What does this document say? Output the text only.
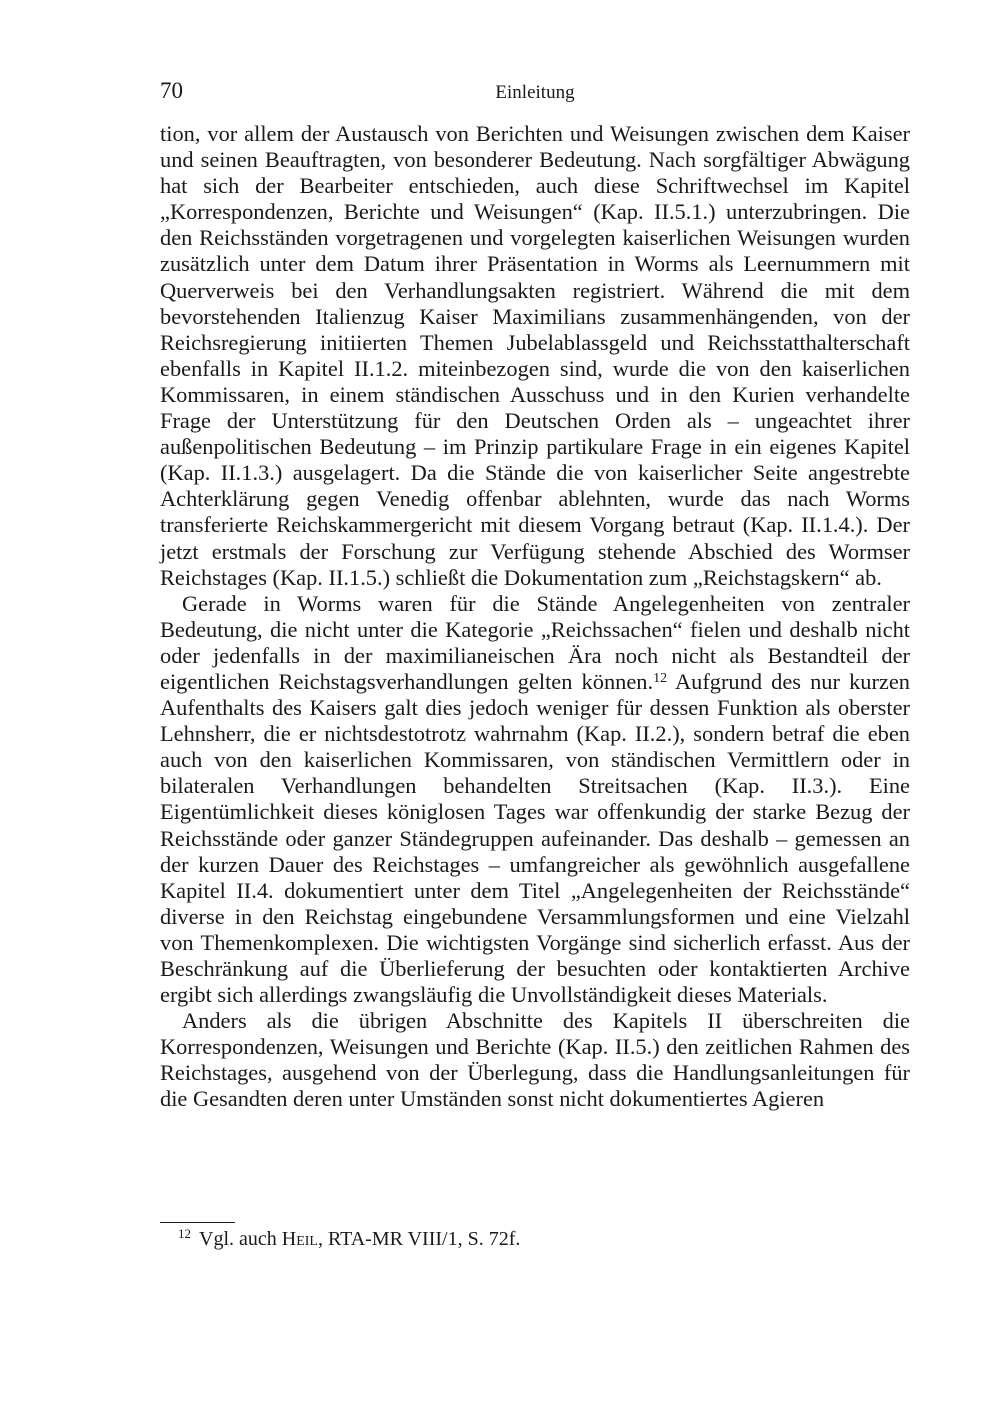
70	Einleitung

tion, vor allem der Austausch von Berichten und Weisungen zwischen dem Kaiser und seinen Beauftragten, von besonderer Bedeutung. Nach sorgfältiger Abwägung hat sich der Bearbeiter entschieden, auch diese Schriftwechsel im Kapitel „Korrespondenzen, Berichte und Weisungen“ (Kap. II.5.1.) unterzubringen. Die den Reichsständen vorgetragenen und vorgelegten kaiserlichen Weisungen wurden zusätzlich unter dem Datum ihrer Präsentation in Worms als Leernummern mit Querverweis bei den Verhandlungsakten registriert. Während die mit dem bevorstehenden Italienzug Kaiser Maximilians zusammenhängenden, von der Reichsregierung initiierten Themen Jubelablassgeld und Reichsstatthalterschaft ebenfalls in Kapitel II.1.2. miteinbezogen sind, wurde die von den kaiserlichen Kommissaren, in einem ständischen Ausschuss und in den Kurien verhandelte Frage der Unterstützung für den Deutschen Orden als – ungeachtet ihrer außenpolitischen Bedeutung – im Prinzip partikulare Frage in ein eigenes Kapitel (Kap. II.1.3.) ausgelagert. Da die Stände die von kaiserlicher Seite angestrebte Achterklärung gegen Venedig offenbar ablehnten, wurde das nach Worms transferierte Reichskammergericht mit diesem Vorgang betraut (Kap. II.1.4.). Der jetzt erstmals der Forschung zur Verfügung stehende Abschied des Wormser Reichstages (Kap. II.1.5.) schließt die Dokumentation zum „Reichstagskern“ ab.

Gerade in Worms waren für die Stände Angelegenheiten von zentraler Bedeutung, die nicht unter die Kategorie „Reichssachen“ fielen und deshalb nicht oder jedenfalls in der maximilianeischen Ära noch nicht als Bestandteil der eigentlichen Reichstagsverhandlungen gelten können.$^{12}$ Aufgrund des nur kurzen Aufenthalts des Kaisers galt dies jedoch weniger für dessen Funktion als oberster Lehnsherr, die er nichtsdestotrotz wahrnahm (Kap. II.2.), sondern betraf die eben auch von den kaiserlichen Kommissaren, von ständischen Vermittlern oder in bilateralen Verhandlungen behandelten Streitsachen (Kap. II.3.). Eine Eigentümlichkeit dieses königlosen Tages war offenkundig der starke Bezug der Reichsstände oder ganzer Ständegruppen aufeinander. Das deshalb – gemessen an der kurzen Dauer des Reichstages – umfangreicher als gewöhnlich ausgefallene Kapitel II.4. dokumentiert unter dem Titel „Angelegenheiten der Reichsstände“ diverse in den Reichstag eingebundene Versammlungsformen und eine Vielzahl von Themenkomplexen. Die wichtigsten Vorgänge sind sicherlich erfasst. Aus der Beschränkung auf die Überlieferung der besuchten oder kontaktierten Archive ergibt sich allerdings zwangsläufig die Unvollständigkeit dieses Materials.

Anders als die übrigen Abschnitte des Kapitels II überschreiten die Korrespondenzen, Weisungen und Berichte (Kap. II.5.) den zeitlichen Rahmen des Reichstages, ausgehend von der Überlegung, dass die Handlungsanleitungen für die Gesandten deren unter Umständen sonst nicht dokumentiertes Agieren

$^{12}$ Vgl. auch Heil, RTA-MR VIII/1, S. 72f.
